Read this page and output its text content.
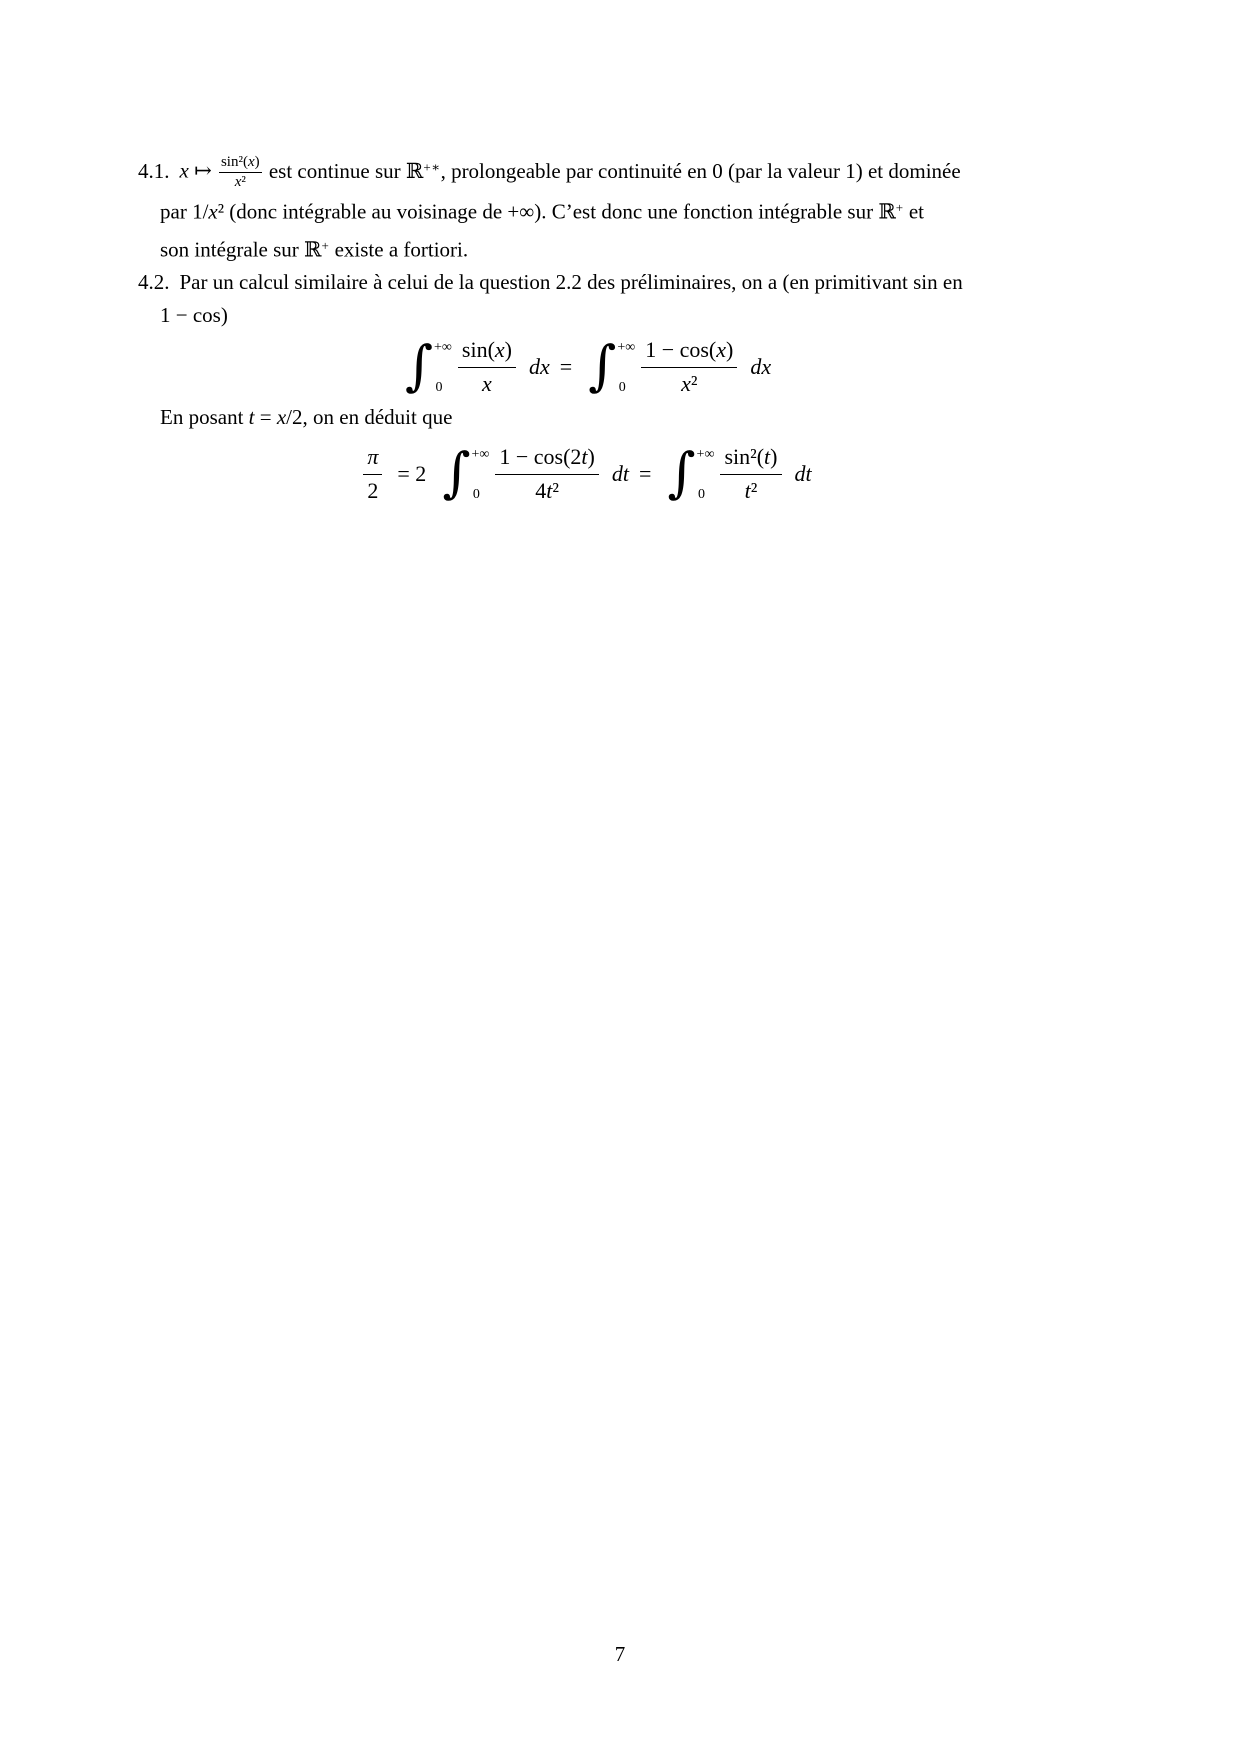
4.1. x ↦ $\frac{\text{sin²(x)}}{\text{x²}}$ est continue sur ℝ+∗, prolongeable par continuité en 0 (par la valeur 1) et dominée
par 1/x² (donc intégrable au voisinage de +∞). C’est donc une fonction intégrable sur ℝ+ et
son intégrale sur ℝ+ existe a fortiori.
4.2. Par un calcul similaire à celui de la question 2.2 des préliminaires, on a (en primitivant sin en
1 − cos)
∫ +∞
$0 \frac{\sin(x)}{x}$ dx = ∫ +∞
$0 \frac{1 - \cos(x)}{\text{x²}}$ dx
En posant t = x/2, on en déduit que
$\frac{\pi}{2} = 2$ ∫ +∞
$0 \frac{1 - \cos(2t)}{\text{4t²}}$ dt = ∫ +∞
$0 \frac{\text{sin²(t)}}{\text{t²}}$ dt
7
